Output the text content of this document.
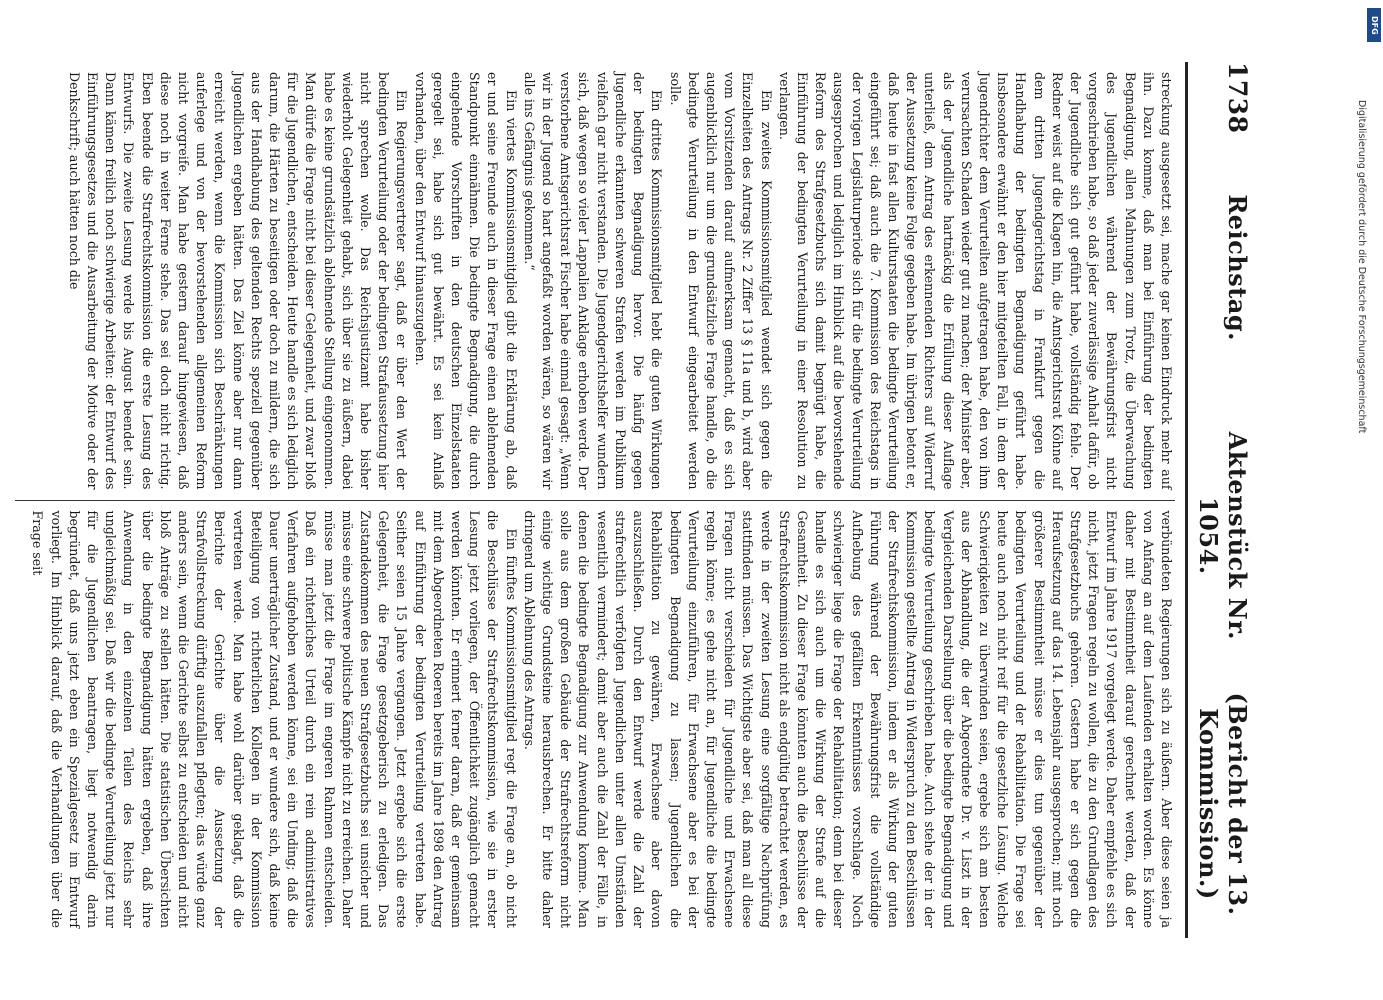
1738
Reichstag.
Aktenstück Nr. 1054.
(Bericht der 13. Kommission.)

streckung ausgesetzt sei, mache gar keinen Eindruck mehr auf ihn. Dazu komme, daß man bei Einführung der bedingten Begnadigung, allen Mahnungen zum Trotz, die Überwachung des Jugendlichen während der Bewährungsfrist nicht vorgeschrieben habe, so daß jeder zuverlässige Anhalt dafür, ob der Jugendliche sich gut geführt habe, vollständig fehle. Der Redner weist auf die Klagen hin, die Amtsgerichtsrat Köhne auf dem dritten Jugendgerichtstag in Frankfurt gegen die Handhabung der bedingten Begnadigung geführt habe. Insbesondere erwähnt er den hier mitgeteilten Fall, in dem der Jugendrichter dem Verurteilten aufgetragen habe, den von ihm verursachten Schaden wieder gut zu machen; der Minister aber, als der Jugendliche hartnäckig die Erfüllung dieser Auflage unterließ, dem Antrag des erkennenden Richters auf Widerruf der Aussetzung keine Folge gegeben habe. Im übrigen betont er, daß heute in fast allen Kulturstaaten die bedingte Verurteilung eingeführt sei; daß auch die 7. Kommission des Reichstags in der vorigen Legislaturperiode sich für die bedingte Verurteilung ausgesprochen und lediglich im Hinblick auf die bevorstehende Reform des Strafgesetzbuchs sich damit begnügt habe, die Einführung der bedingten Verurteilung in einer Resolution zu verlangen.

Ein zweites Kommissionsmitglied wendet sich gegen die Einzelheiten des Antrags Nr. 2 Ziffer 13 § 11a und b, wird aber vom Vorsitzenden darauf aufmerksam gemacht, daß es sich augenblicklich nur um die grundsätzliche Frage handle, ob die bedingte Verurteilung in den Entwurf eingearbeitet werden solle.

Ein drittes Kommissionsmitglied hebt die guten Wirkungen der bedingten Begnadigung hervor. Die häufig gegen Jugendliche erkannten schweren Strafen werden im Publikum vielfach gar nicht verstanden. Die Jugendgerichtshelfer wundern sich, daß wegen so vieler Lappalien Anklage erhoben werde. Der verstorbene Amtsgerichtsrat Fischer habe einmal gesagt: „Wenn wir in der Jugend so hart angefaßt worden wären, so wären wir alle ins Gefängnis gekommen.“

Ein viertes Kommissionsmitglied gibt die Erklärung ab, daß er und seine Freunde auch in dieser Frage einen ablehnenden Standpunkt einnähmen. Die bedingte Begnadigung, die durch eingehende Vorschriften in den deutschen Einzelstaaten geregelt sei, habe sich gut bewährt. Es sei kein Anlaß vorhanden, über den Entwurf hinauszugehen.

Ein Regierungsvertreter sagt, daß er über den Wert der bedingten Verurteilung oder der bedingten Strafaussetzung hier nicht sprechen wolle. Das Reichsjustizamt habe bisher wiederholt Gelegenheit gehabt, sich über sie zu äußern, dabei habe es keine grundsätzlich ablehnende Stellung eingenommen. Man dürfe die Frage nicht bei dieser Gelegenheit, und zwar bloß für die Jugendlichen, entscheiden. Heute handle es sich lediglich darum, die Härten zu beseitigen oder doch zu mildern, die sich aus der Handhabung des geltenden Rechts speziell gegenüber Jugendlichen ergeben hätten. Das Ziel könne aber nur dann erreicht werden, wenn die Kommission sich Beschränkungen auferlege und von der bevorstehenden allgemeinen Reform nicht vorgreife. Man habe gestern darauf hingewiesen, daß diese noch in weiter Ferne stehe. Das sei doch nicht richtig. Eben beende die Strafrechtskommission die erste Lesung des Entwurfs. Die zweite Lesung werde bis August beendet sein. Dann kämen freilich noch schwierige Arbeiten: der Entwurf des Einführungsgesetzes und die Ausarbeitung der Motive oder der Denkschrift; auch hätten noch die

verbündeten Regierungen sich zu äußern. Aber diese seien ja von Anfang an auf dem Laufenden erhalten worden. Es könne daher mit Bestimmtheit darauf gerechnet werden, daß der Entwurf im Jahre 1917 vorgelegt werde. Daher empfehle es sich nicht, jetzt Fragen regeln zu wollen, die zu den Grundlagen des Strafgesetzbuchs gehören. Gestern habe er sich gegen die Heraufsetzung auf das 14. Lebensjahr ausgesprochen; mit noch größerer Bestimmtheit müsse er dies tun gegenüber der bedingten Verurteilung und der Rehabilitation. Die Frage sei heute auch noch nicht reif für die gesetzliche Lösung. Welche Schwierigkeiten zu überwinden seien, ergebe sich am besten aus der Abhandlung, die der Abgeordnete Dr. v. Liszt in der Vergleichenden Darstellung über die bedingte Begnadigung und bedingte Verurteilung geschrieben habe. Auch stehe der in der Kommission gestellte Antrag in Widerspruch zu den Beschlüssen der Strafrechtskommission, indem er als Wirkung der guten Führung während der Bewährungsfrist die vollständige Aufhebung des gefällten Erkenntnisses vorschlage. Noch schwieriger liege die Frage der Rehabilitation; denn bei dieser handle es sich auch um die Wirkung der Strafe auf die Gesamtheit. Zu dieser Frage könnten auch die Beschlüsse der Strafrechtskommission nicht als endgültig betrachtet werden, es werde in der zweiten Lesung eine sorgfältige Nachprüfung stattfinden müssen. Das Wichtigste aber sei, daß man all diese Fragen nicht verschieden für Jugendliche und Erwachsene regeln könne; es gehe nicht an, für Jugendliche die bedingte Verurteilung einzuführen, für Erwachsene aber es bei der bedingten Begnadigung zu lassen; Jugendlichen die Rehabilitation zu gewähren, Erwachsene aber davon auszuschließen. Durch den Entwurf werde die Zahl der strafrechtlich verfolgten Jugendlichen unter allen Umständen wesentlich vermindert; damit aber auch die Zahl der Fälle, in denen die bedingte Begnadigung zur Anwendung komme. Man solle aus dem großen Gebäude der Strafrechtsreform nicht einige wichtige Grundsteine herausbrechen. Er bitte daher dringend um Ablehnung des Antrags.

Ein fünftes Kommissionsmitglied regt die Frage an, ob nicht die Beschlüsse der Strafrechtskommission, wie sie in erster Lesung jetzt vorliegen, der Öffentlichkeit zugänglich gemacht werden könnten. Er erinnert ferner daran, daß er gemeinsam mit dem Abgeordneten Roeren bereits im Jahre 1898 den Antrag auf Einführung der bedingten Verurteilung vertreten habe. Seither seien 15 Jahre vergangen. Jetzt ergebe sich die erste Gelegenheit, die Frage gesetzgeberisch zu erledigen. Das Zustandekommen des neuen Strafgesetzbuchs sei unsicher und müsse eine schwere politische Kämpfe nicht zu erreichen. Daher müsse man jetzt die Frage im engeren Rahmen entscheiden. Daß ein richterliches Urteil durch ein rein administratives Verfahren aufgehoben werden könne, sei ein Unding; daß die Dauer unerträglicher Zustand, und er wundere sich, daß keine Beteiligung von richterlichen Kollegen in der Kommission vertreten werde. Man habe wohl darüber geklagt, daß die Berichte der Gerichte über die Aussetzung der Strafvollstreckung dürftig auszufallen pflegten; das würde ganz anders sein, wenn die Gerichte selbst zu entscheiden und nicht bloß Anträge zu stellen hätten. Die statistischen Übersichten über die bedingte Begnadigung hätten ergeben, daß ihre Anwendung in den einzelnen Teilen des Reichs sehr ungleichmäßig sei. Daß wir die bedingte Verurteilung jetzt nur für die Jugendlichen beantragen, liegt notwendig darin begründet, daß uns jetzt eben ein Spezialgesetz im Entwurf vorliegt. Im Hinblick darauf, daß die Verhandlungen über die Frage seit

DFG
Digitalisierung gefördert durch die Deutsche Forschungsgemeinschaft
